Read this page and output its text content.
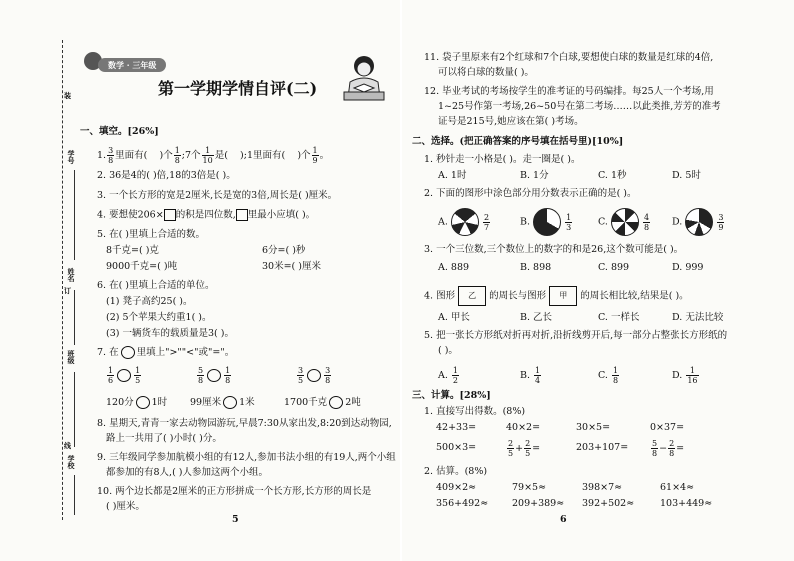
学号
姓名
班级
学校
装
订
线
数学 · 三年级
第一学期学情自评(二)
一、填空。[26%]
1. $\frac{3}{8}$ 里面有( )个 $\frac{1}{8}$ ;7个 $\frac{1}{10}$ 是( );1里面有( )个 $\frac{1}{9}$ 。
2. 36是4的( )倍,18的3倍是( )。
3. 一个长方形的宽是2厘米,长是宽的3倍,周长是( )厘米。
4. 要想使206× 的积是四位数, 里最小应填( )。
5. 在( )里填上合适的数。
8千克=( )克	6分=( )秒
9000千克=( )吨	30米=( )厘米
6. 在( )里填上合适的单位。
(1) 凳子高约25( )。
(2) 5个苹果大约重1( )。
(3) 一辆货车的载质量是3( )。
7. 在 里填上">""<"或"="。
$\frac{1}{6}$	$\frac{1}{5}$	$\frac{5}{8}$	$\frac{1}{8}$	$\frac{3}{5}$	$\frac{3}{8}$
120分 1时 99厘米 1米	1700千克 2吨
8. 星期天,青青一家去动物园游玩,早晨7:30从家出发,8:20到达动物园,
路上一共用了( )小时( )分。
9. 三年级同学参加航模小组的有12人,参加书法小组的有19人,两个小组
都参加的有8人,( )人参加这两个小组。
10. 两个边长都是2厘米的正方形拼成一个长方形,长方形的周长是
( )厘米。
5
11. 袋子里原来有2个红球和7个白球,要想使白球的数量是红球的4倍,
可以将白球的数量( )。
12. 毕业考试的考场按学生的准考证的号码编排。每25人一个考场,用
1~25号作第一考场,26~50号在第二考场……以此类推,芳芳的准考
证号是215号,她应该在第( )考场。
二、选择。(把正确答案的序号填在括号里)[10%]
1. 秒针走一小格是( )。走一圈是( )。
A. 1时	B. 1分	C. 1秒	D. 5时
2. 下面的图形中涂色部分用分数表示正确的是( )。
A.	$\frac{2}{7}$	B.	$\frac{1}{3}$	C.	$\frac{4}{8} D$.	$\frac{3}{9}$
3. 一个三位数,三个数位上的数字的和是26,这个数可能是( )。
A. 889	B. 898	C. 899	D. 999
4. 图形 乙 的周长与图形 甲 的周长相比较,结果是( )。
A. 甲长	B. 乙长	C. 一样长	D. 无法比较
5. 把一张长方形纸对折再对折,沿折线剪开后,每一部分占整张长方形纸的
( )。
A. $\frac{1}{2}$	B. $\frac{1}{4}$	C. $\frac{1}{8}$	D. $\frac{1}{16}$
三、计算。[28%]
1. 直接写出得数。(8%)
42+33=	40×2=	30×5=	0×37=
500×3=	$\frac{2}{5} + \frac{2}{5}$ =	203+107=	$\frac{5}{8} - \frac{2}{8}$ =
2. 估算。(8%)
409×2≈	79×5≈	398×7≈	61×4≈
356+492≈	209+389≈ 392+502≈	103+449≈
6
